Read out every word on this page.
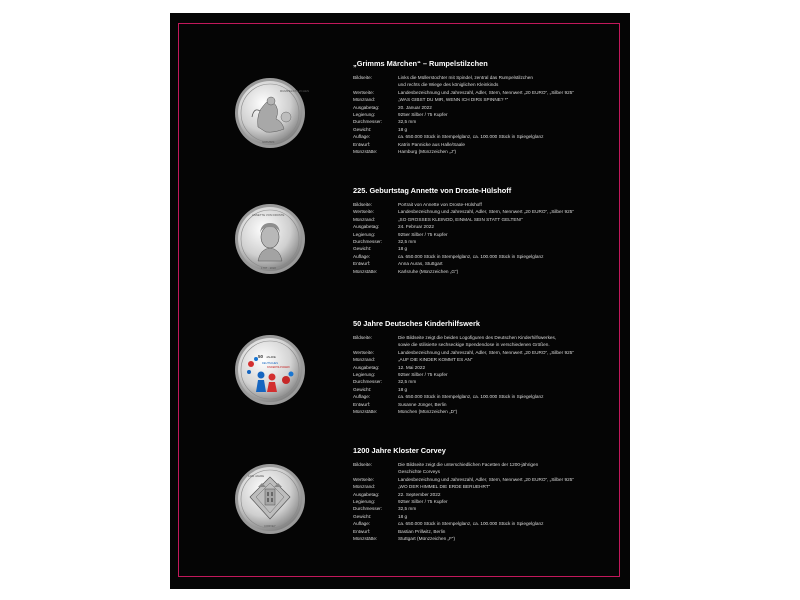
RUMPELSTILZCHEN
GRIMMS
„Grimms Märchen“ – Rumpelstilzchen
Bildseite:	Links die Müllerstochter mit Spindel, zentral das Rumpelstilzchen
und rechts die Wiege des königlichen Kleinkinds
Wertseite:	Landesbezeichnung und Jahreszahl, Adler, Stern, Nennwert „20 EURO“, „Silber 925“
Münzrand:	„WAS GIBST DU MIR, WENN ICH DIRS SPINNE? *“
Ausgabetag:	20. Januar 2022
Legierung:	925er Silber / 75 Kupfer
Durchmesser:	32,5 mm
Gewicht:	18 g
Auflage:	ca. 650.000 Stück in Stempelglanz, ca. 100.000 Stück in Spiegelglanz
Entwurf:	Katrin Pannicke aus Halle/Saale
Münzstätte:	Hamburg (Münzzeichen „J“)
ANNETTE VON DROSTE
1797 · 2022
225. Geburtstag Annette von Droste-Hülshoff
Bildseite:	Portrait von Annette von Droste-Hülshoff
Wertseite:	Landesbezeichnung und Jahreszahl, Adler, Stern, Nennwert „20 EURO“, „Silber 925“
Münzrand:	„SO GROSSES KLEINOD, EINMAL SEIN STATT GELTEN!“
Ausgabetag:	24. Februar 2022
Legierung:	925er Silber / 75 Kupfer
Durchmesser:	32,5 mm
Gewicht:	18 g
Auflage:	ca. 650.000 Stück in Stempelglanz, ca. 100.000 Stück in Spiegelglanz
Entwurf:	Anna Auras, Stuttgart
Münzstätte:	Karlsruhe (Münzzeichen „G“)
50 JAHRE
DEUTSCHES
KINDERHILFSWERK
50 Jahre Deutsches Kinderhilfswerk
Bildseite:	Die Bildseite zeigt die beiden Logofiguren des Deutschen Kinderhilfswerkes,
sowie die stilisierte sechseckige Spendendose in verschiedenen Größen.
Wertseite:	Landesbezeichnung und Jahreszahl, Adler, Stern, Nennwert „20 EURO“, „Silber 925“
Münzrand:	„AUF DIE KINDER KOMMT ES AN“
Ausgabetag:	12. Mai 2022
Legierung:	925er Silber / 75 Kupfer
Durchmesser:	32,5 mm
Gewicht:	18 g
Auflage:	ca. 650.000 Stück in Stempelglanz, ca. 100.000 Stück in Spiegelglanz
Entwurf:	Susanne Jünger, Berlin
Münzstätte:	München (Münzzeichen „D“)
1200 JAHRE
CORVEY
1200 Jahre Kloster Corvey
Bildseite:	Die Bildseite zeigt die unterschiedlichen Facetten der 1200-jährigen
Geschichte Corveys
Wertseite:	Landesbezeichnung und Jahreszahl, Adler, Stern, Nennwert „20 EURO“, „Silber 925“
Münzrand:	„WO DER HIMMEL DIE ERDE BERUEHRT“
Ausgabetag:	22. September 2022
Legierung:	925er Silber / 75 Kupfer
Durchmesser:	32,5 mm
Gewicht:	18 g
Auflage:	ca. 650.000 Stück in Stempelglanz, ca. 100.000 Stück in Spiegelglanz
Entwurf:	Bastian Prillwitz, Berlin
Münzstätte:	Stuttgart (Münzzeichen „F“)
